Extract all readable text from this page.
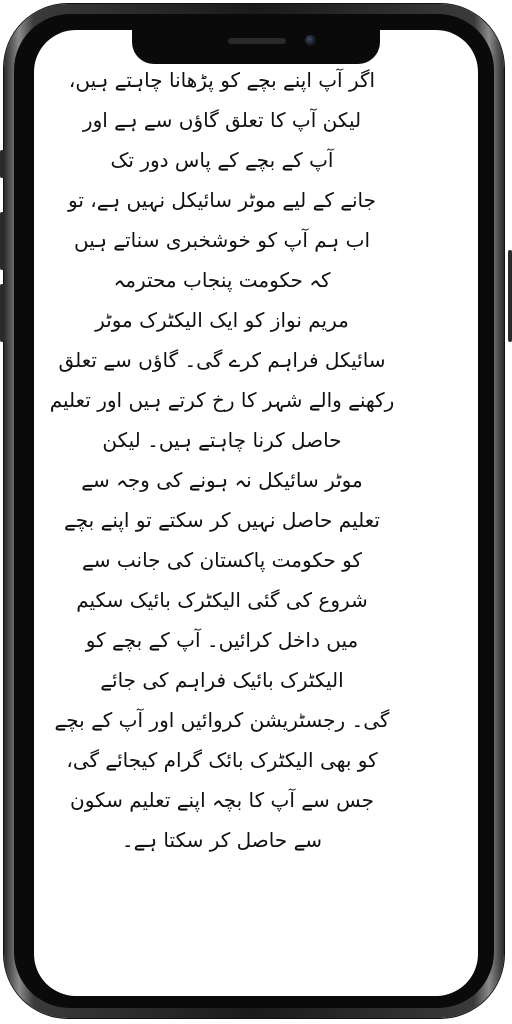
اگر آپ اپنے بچے کو پڑھانا چاہتے ہیں،
لیکن آپ کا تعلق گاؤں سے ہے اور
آپ کے بچے کے پاس دور تک
جانے کے لیے موٹر سائیکل نہیں ہے، تو
اب ہم آپ کو خوشخبری سناتے ہیں
کہ حکومت پنجاب محترمہ
مریم نواز کو ایک الیکٹرک موٹر
سائیکل فراہم کرے گی۔ گاؤں سے تعلق
رکھنے والے شہر کا رخ کرتے ہیں اور تعلیم
حاصل کرنا چاہتے ہیں۔ لیکن
موٹر سائیکل نہ ہونے کی وجہ سے
تعلیم حاصل نہیں کر سکتے تو اپنے بچے
کو حکومت پاکستان کی جانب سے
شروع کی گئی الیکٹرک بائیک سکیم
میں داخل کرائیں۔ آپ کے بچے کو
الیکٹرک بائیک فراہم کی جائے
گی۔ رجسٹریشن کروائیں اور آپ کے بچے
کو بھی الیکٹرک بائک گرام کیجائے گی،
جس سے آپ کا بچہ اپنے تعلیم سکون
سے حاصل کر سکتا ہے۔
